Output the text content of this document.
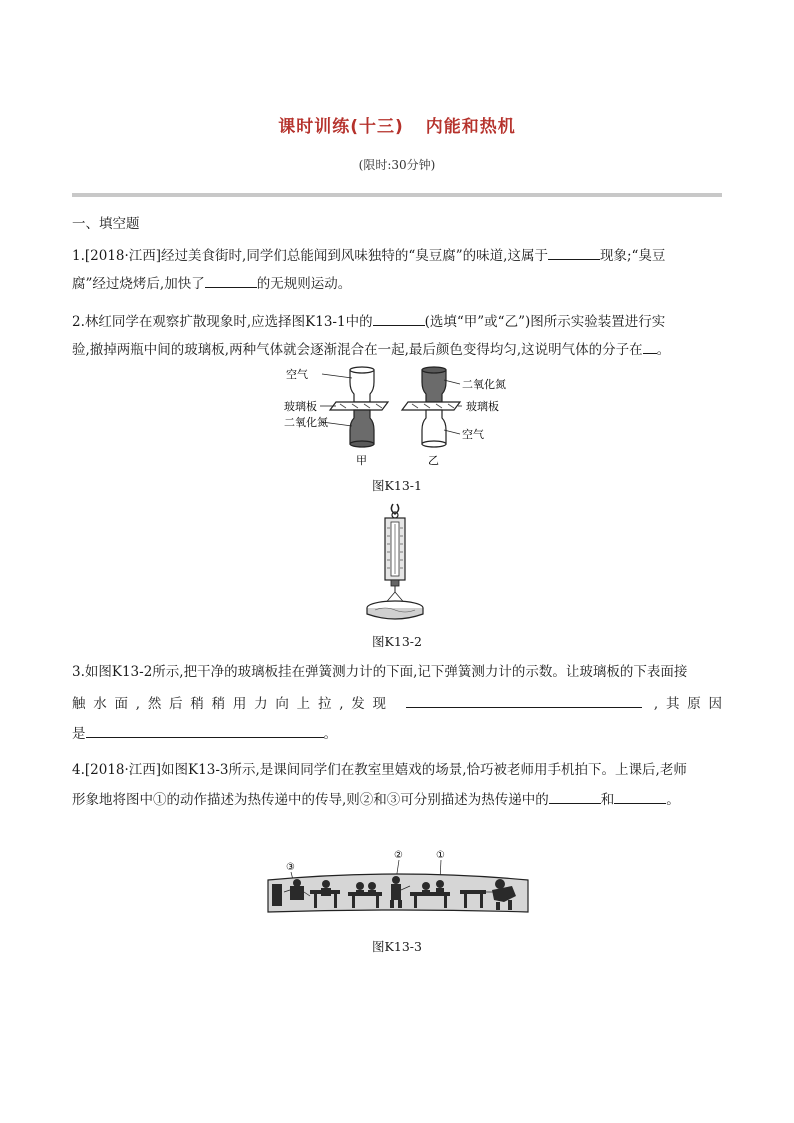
课时训练(十三) 内能和热机
(限时:30分钟)
一、填空题
1.[2018·江西]经过美食街时,同学们总能闻到风味独特的“臭豆腐”的味道,这属于	现象;“臭豆
腐”经过烧烤后,加快了	的无规则运动。
2.林红同学在观察扩散现象时,应选择图K13-1中的	(选填“甲”或“乙”)图所示实验装置进行实
验,撤掉两瓶中间的玻璃板,两种气体就会逐渐混合在一起,最后颜色变得均匀,这说明气体的分子在 。
空气
玻璃板
二氧化氮
甲
二氧化氮
玻璃板
空气
乙
图K13-1
图K13-2
3.如图K13-2所示,把干净的玻璃板挂在弹簧测力计的下面,记下弹簧测力计的示数。让玻璃板的下表面接
触水面,然后稍稍用力向上拉,发现	,其原因
是	。
4.[2018·江西]如图K13-3所示,是课间同学们在教室里嬉戏的场景,恰巧被老师用手机拍下。上课后,老师
形象地将图中①的动作描述为热传递中的传导,则②和③可分别描述为热传递中的	和	。
③
②	①
图K13-3
